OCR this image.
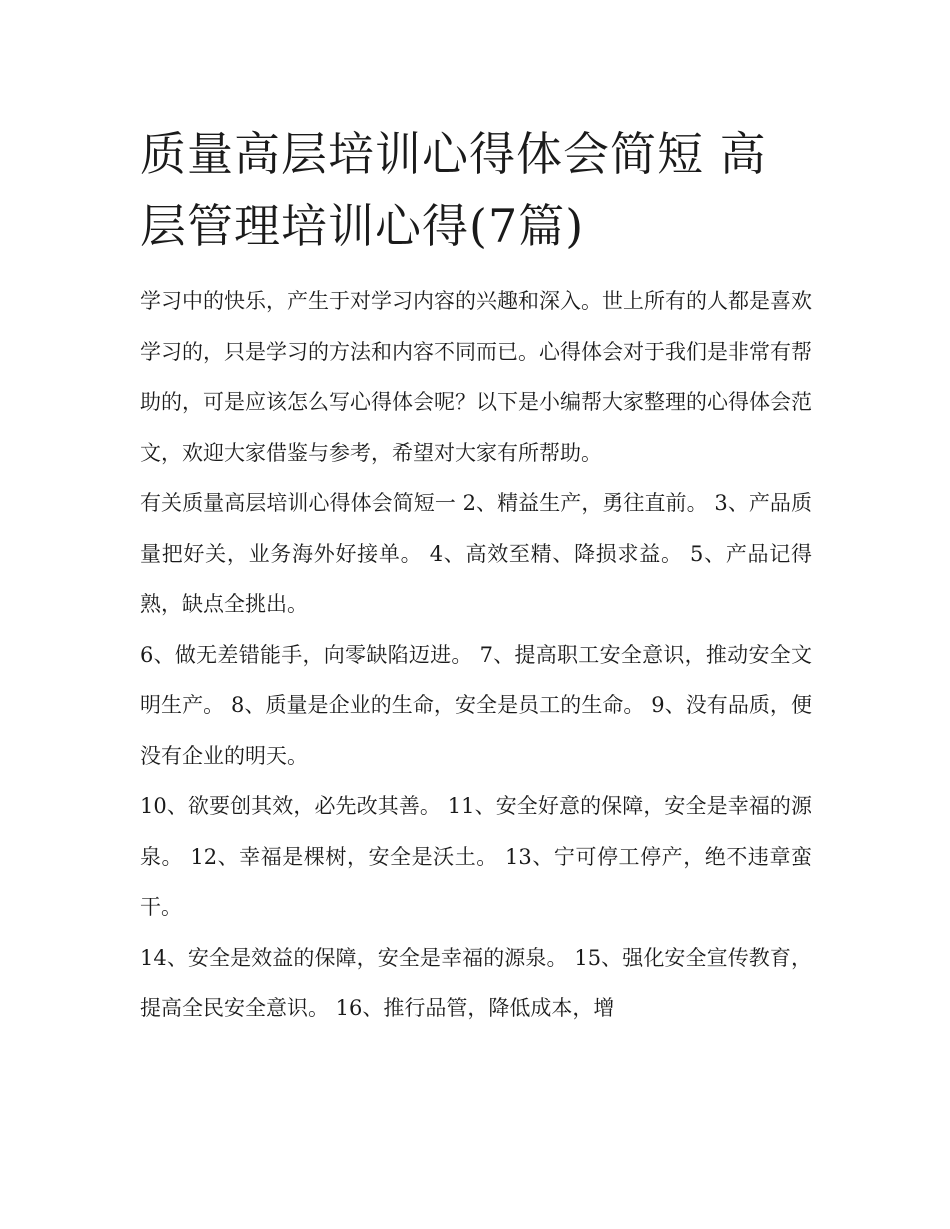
质量高层培训心得体会简短 高层管理培训心得(7篇)

学习中的快乐，产生于对学习内容的兴趣和深入。世上所有的人都是喜欢学习的，只是学习的方法和内容不同而已。心得体会对于我们是非常有帮助的，可是应该怎么写心得体会呢？以下是小编帮大家整理的心得体会范文，欢迎大家借鉴与参考，希望对大家有所帮助。

有关质量高层培训心得体会简短一 2、精益生产，勇往直前。 3、产品质量把好关，业务海外好接单。 4、高效至精、降损求益。 5、产品记得熟，缺点全挑出。

6、做无差错能手，向零缺陷迈进。 7、提高职工安全意识，推动安全文明生产。 8、质量是企业的生命，安全是员工的生命。 9、没有品质，便没有企业的明天。

10、欲要创其效，必先改其善。 11、安全好意的保障，安全是幸福的源泉。 12、幸福是棵树，安全是沃土。 13、宁可停工停产，绝不违章蛮干。

14、安全是效益的保障，安全是幸福的源泉。 15、强化安全宣传教育，提高全民安全意识。 16、推行品管，降低成本，增
